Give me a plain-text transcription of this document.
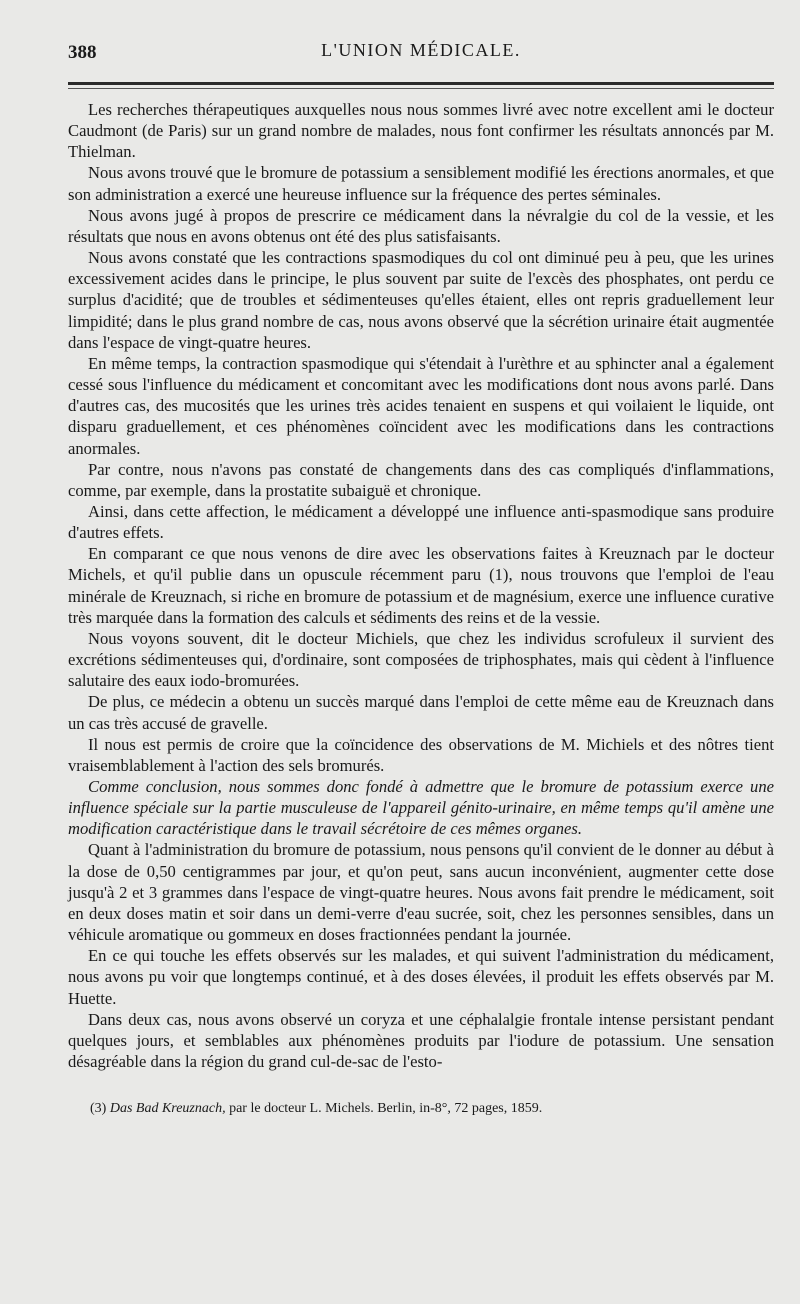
388	L'UNION MÉDICALE.

Les recherches thérapeutiques auxquelles nous nous sommes livré avec notre excellent ami le docteur Caudmont (de Paris) sur un grand nombre de malades, nous font confirmer les résultats annoncés par M. Thielman.

Nous avons trouvé que le bromure de potassium a sensiblement modifié les érections anormales, et que son administration a exercé une heureuse influence sur la fréquence des pertes séminales.

Nous avons jugé à propos de prescrire ce médicament dans la névralgie du col de la vessie, et les résultats que nous en avons obtenus ont été des plus satisfaisants.

Nous avons constaté que les contractions spasmodiques du col ont diminué peu à peu, que les urines excessivement acides dans le principe, le plus souvent par suite de l'excès des phosphates, ont perdu ce surplus d'acidité; que de troubles et sédimenteuses qu'elles étaient, elles ont repris graduellement leur limpidité; dans le plus grand nombre de cas, nous avons observé que la sécrétion urinaire était augmentée dans l'espace de vingt-quatre heures.

En même temps, la contraction spasmodique qui s'étendait à l'urèthre et au sphincter anal a également cessé sous l'influence du médicament et concomitant avec les modifications dont nous avons parlé. Dans d'autres cas, des mucosités que les urines très acides tenaient en suspens et qui voilaient le liquide, ont disparu graduellement, et ces phénomènes coïncident avec les modifications dans les contractions anormales.

Par contre, nous n'avons pas constaté de changements dans des cas compliqués d'inflammations, comme, par exemple, dans la prostatite subaiguë et chronique.

Ainsi, dans cette affection, le médicament a développé une influence anti-spasmodique sans produire d'autres effets.

En comparant ce que nous venons de dire avec les observations faites à Kreuznach par le docteur Michels, et qu'il publie dans un opuscule récemment paru (1), nous trouvons que l'emploi de l'eau minérale de Kreuznach, si riche en bromure de potassium et de magnésium, exerce une influence curative très marquée dans la formation des calculs et sédiments des reins et de la vessie.

Nous voyons souvent, dit le docteur Michiels, que chez les individus scrofuleux il survient des excrétions sédimenteuses qui, d'ordinaire, sont composées de triphosphates, mais qui cèdent à l'influence salutaire des eaux iodo-bromurées.

De plus, ce médecin a obtenu un succès marqué dans l'emploi de cette même eau de Kreuznach dans un cas très accusé de gravelle.

Il nous est permis de croire que la coïncidence des observations de M. Michiels et des nôtres tient vraisemblablement à l'action des sels bromurés.

Comme conclusion, nous sommes donc fondé à admettre que le bromure de potassium exerce une influence spéciale sur la partie musculeuse de l'appareil génito-urinaire, en même temps qu'il amène une modification caractéristique dans le travail sécrétoire de ces mêmes organes.

Quant à l'administration du bromure de potassium, nous pensons qu'il convient de le donner au début à la dose de 0,50 centigrammes par jour, et qu'on peut, sans aucun inconvénient, augmenter cette dose jusqu'à 2 et 3 grammes dans l'espace de vingt-quatre heures. Nous avons fait prendre le médicament, soit en deux doses matin et soir dans un demi-verre d'eau sucrée, soit, chez les personnes sensibles, dans un véhicule aromatique ou gommeux en doses fractionnées pendant la journée.

En ce qui touche les effets observés sur les malades, et qui suivent l'administration du médicament, nous avons pu voir que longtemps continué, et à des doses élevées, il produit les effets observés par M. Huette.

Dans deux cas, nous avons observé un coryza et une céphalalgie frontale intense persistant pendant quelques jours, et semblables aux phénomènes produits par l'iodure de potassium. Une sensation désagréable dans la région du grand cul-de-sac de l'esto-

(3) Das Bad Kreuznach, par le docteur L. Michels. Berlin, in-8°, 72 pages, 1859.
